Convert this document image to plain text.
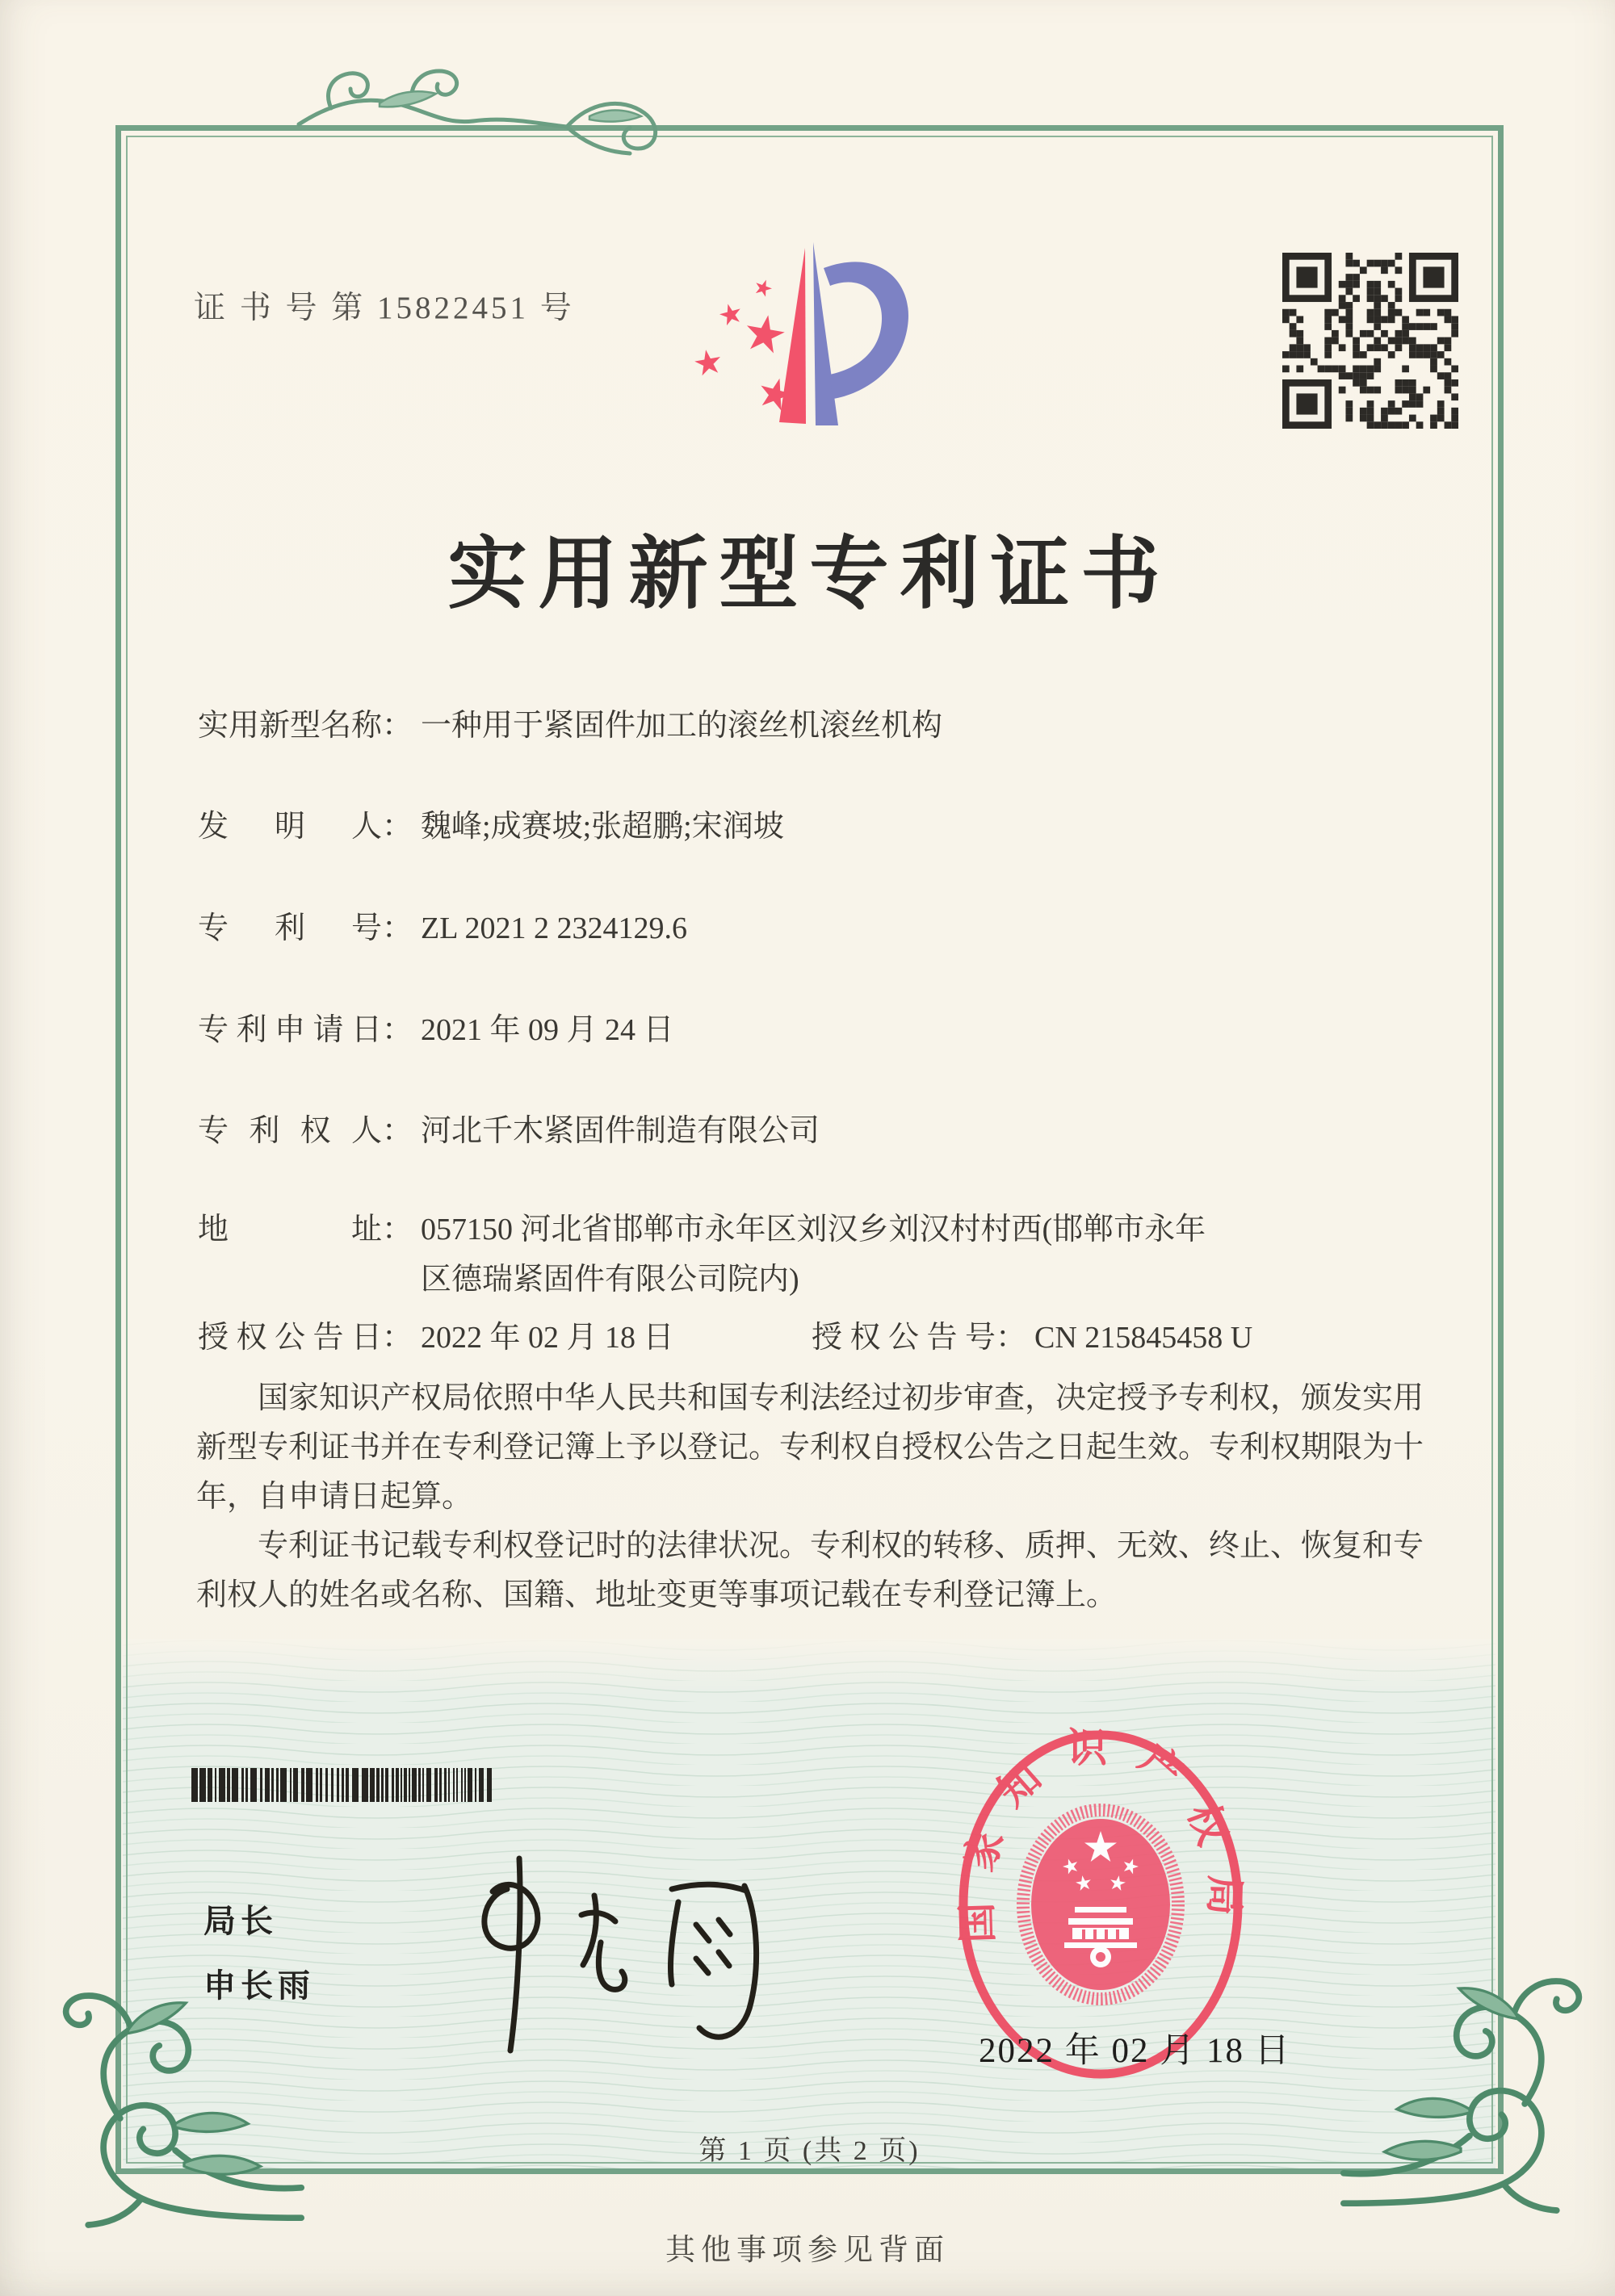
证 书 号 第 15822451 号
实用新型专利证书
实用新型名称： 一种用于紧固件加工的滚丝机滚丝机构
发明人： 魏峰;成赛坡;张超鹏;宋润坡
专利号： ZL 2021 2 2324129.6
专利申请日： 2021 年 09 月 24 日
专利权人： 河北千木紧固件制造有限公司
地址： 057150 河北省邯郸市永年区刘汉乡刘汉村村西(邯郸市永年区德瑞紧固件有限公司院内)
授权公告日： 2022 年 02 月 18 日	授权公告号： CN 215845458 U

国家知识产权局依照中华人民共和国专利法经过初步审查，决定授予专利权，颁发实用新型专利证书并在专利登记簿上予以登记。专利权自授权公告之日起生效。专利权期限为十年，自申请日起算。

专利证书记载专利权登记时的法律状况。专利权的转移、质押、无效、终止、恢复和专利权人的姓名或名称、国籍、地址变更等事项记载在专利登记簿上。

局长
申长雨
国家知识产权局
2022 年 02 月 18 日
第 1 页 (共 2 页)
其他事项参见背面
